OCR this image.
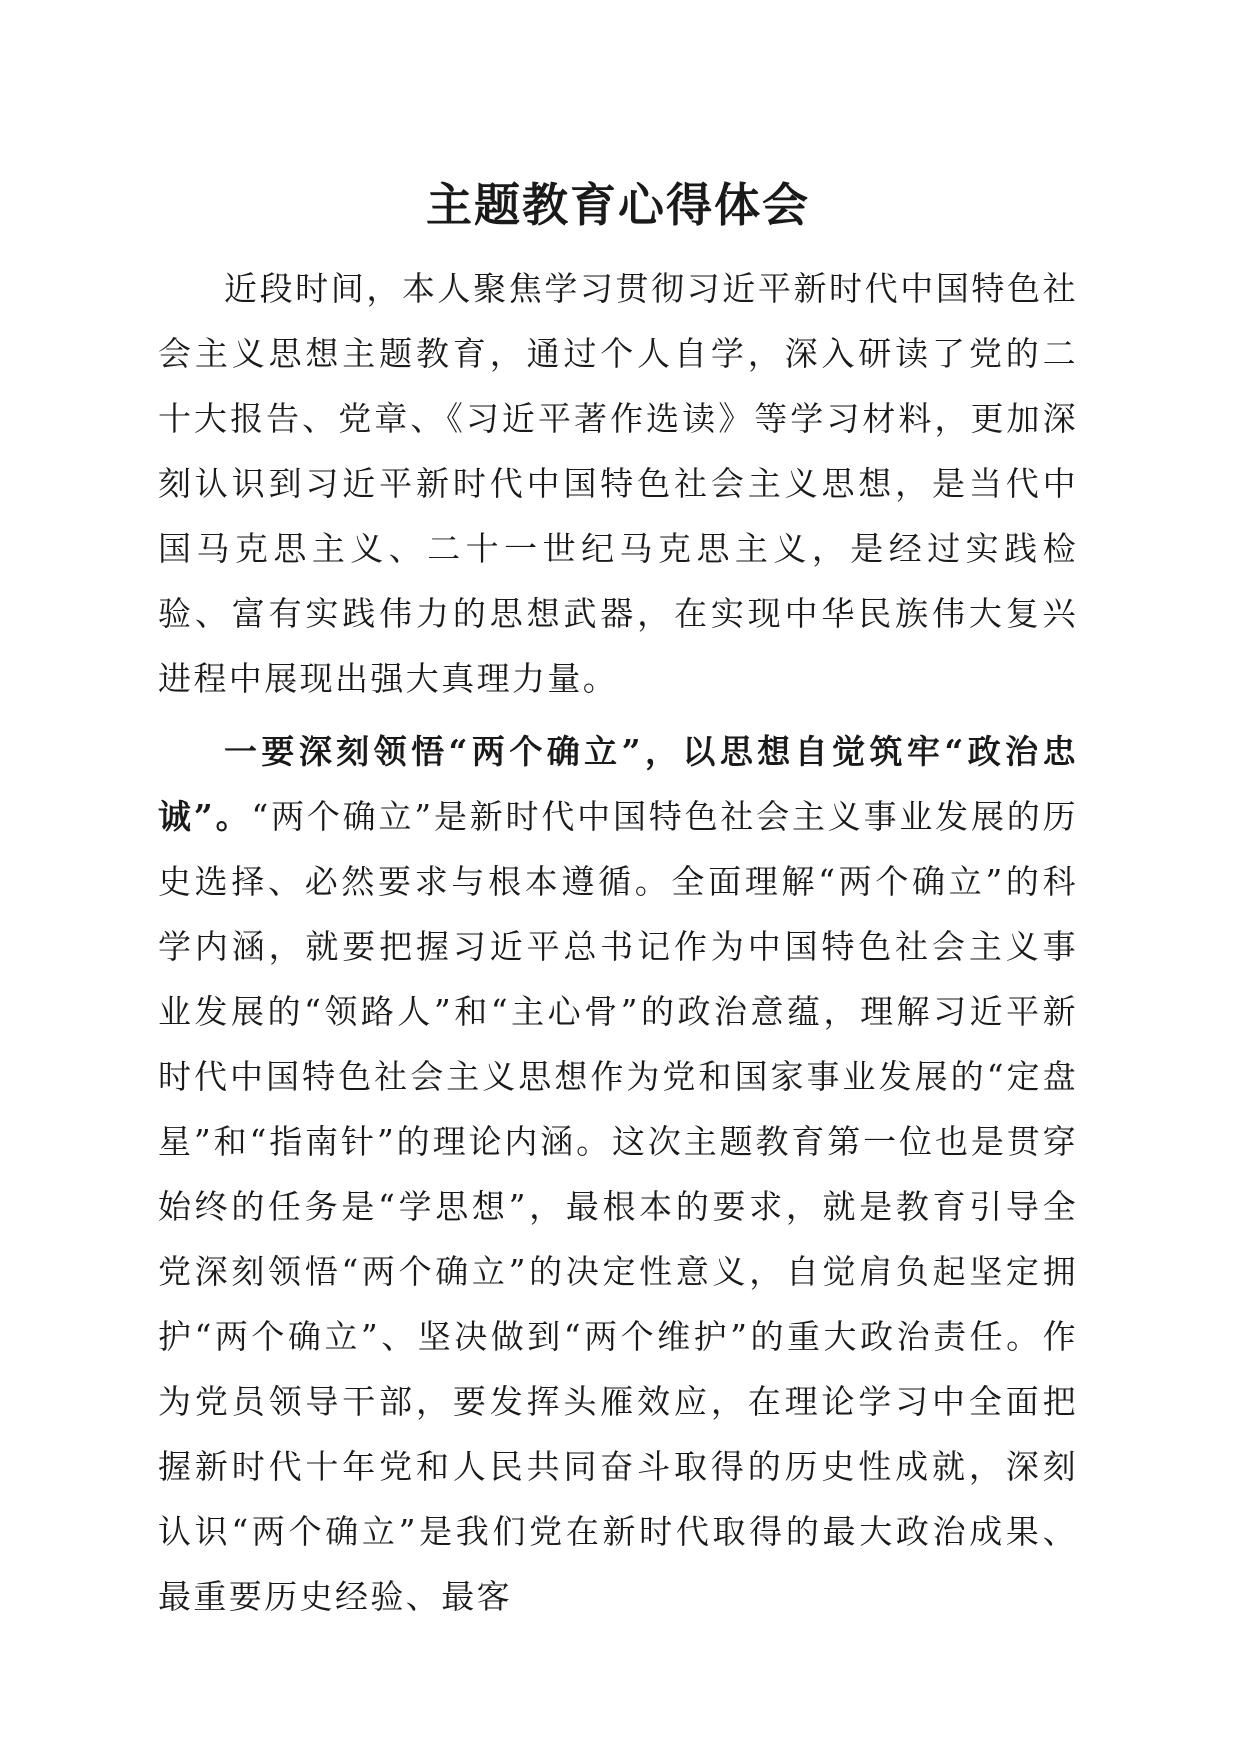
主题教育心得体会

近段时间，本人聚焦学习贯彻习近平新时代中国特色社会主义思想主题教育，通过个人自学，深入研读了党的二十大报告、党章、《习近平著作选读》等学习材料，更加深刻认识到习近平新时代中国特色社会主义思想，是当代中国马克思主义、二十一世纪马克思主义，是经过实践检验、富有实践伟力的思想武器，在实现中华民族伟大复兴进程中展现出强大真理力量。

一要深刻领悟“两个确立”，以思想自觉筑牢“政治忠诚”。“两个确立”是新时代中国特色社会主义事业发展的历史选择、必然要求与根本遵循。全面理解“两个确立”的科学内涵，就要把握习近平总书记作为中国特色社会主义事业发展的“领路人”和“主心骨”的政治意蕴，理解习近平新时代中国特色社会主义思想作为党和国家事业发展的“定盘星”和“指南针”的理论内涵。这次主题教育第一位也是贯穿始终的任务是“学思想”，最根本的要求，就是教育引导全党深刻领悟“两个确立”的决定性意义，自觉肩负起坚定拥护“两个确立”、坚决做到“两个维护”的重大政治责任。作为党员领导干部，要发挥头雁效应，在理论学习中全面把握新时代十年党和人民共同奋斗取得的历史性成就，深刻认识“两个确立”是我们党在新时代取得的最大政治成果、最重要历史经验、最客
